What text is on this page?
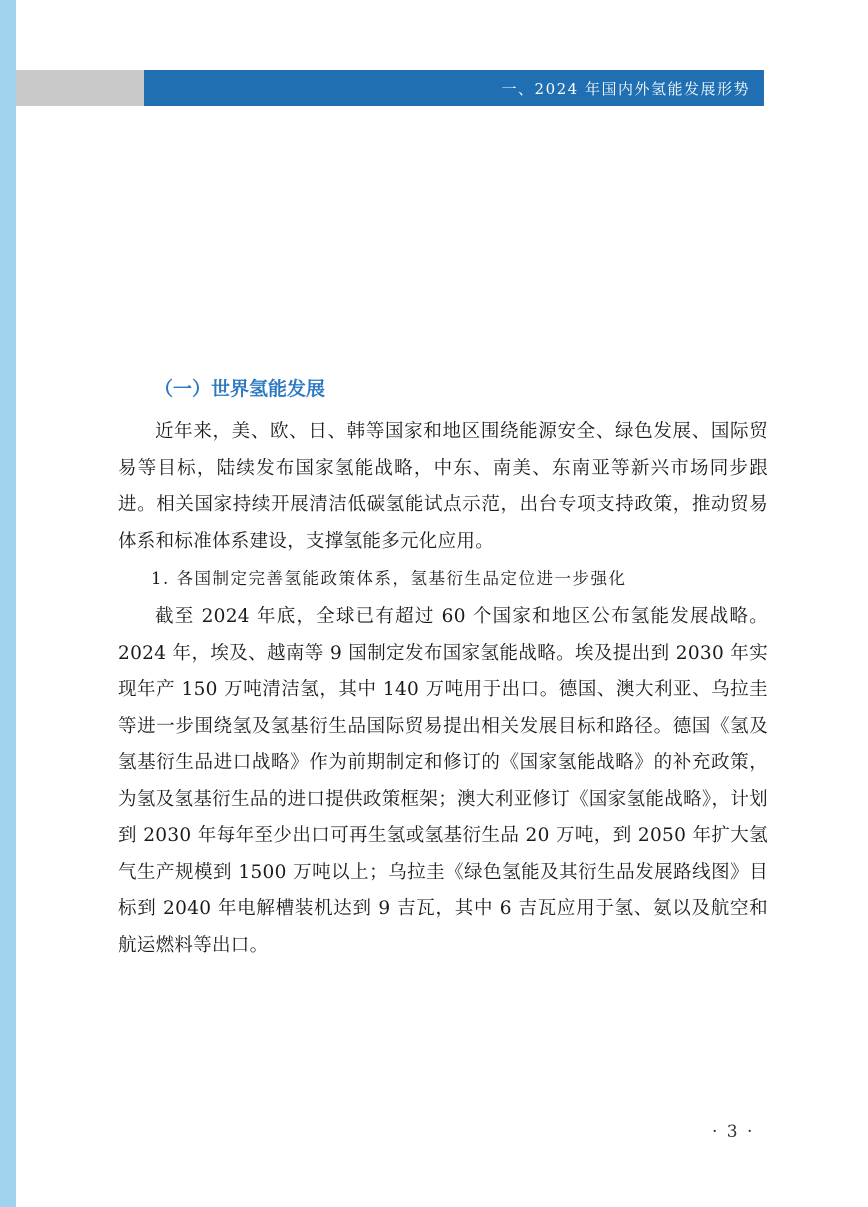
一、2024 年国内外氢能发展形势
（一）世界氢能发展

近年来，美、欧、日、韩等国家和地区围绕能源安全、绿色发展、国际贸易等目标，陆续发布国家氢能战略，中东、南美、东南亚等新兴市场同步跟进。相关国家持续开展清洁低碳氢能试点示范，出台专项支持政策，推动贸易体系和标准体系建设，支撑氢能多元化应用。

1. 各国制定完善氢能政策体系，氢基衍生品定位进一步强化

截至 2024 年底，全球已有超过 60 个国家和地区公布氢能发展战略。2024 年，埃及、越南等 9 国制定发布国家氢能战略。埃及提出到 2030 年实现年产 150 万吨清洁氢，其中 140 万吨用于出口。德国、澳大利亚、乌拉圭等进一步围绕氢及氢基衍生品国际贸易提出相关发展目标和路径。德国《氢及氢基衍生品进口战略》作为前期制定和修订的《国家氢能战略》的补充政策，为氢及氢基衍生品的进口提供政策框架；澳大利亚修订《国家氢能战略》，计划到 2030 年每年至少出口可再生氢或氢基衍生品 20 万吨，到 2050 年扩大氢气生产规模到 1500 万吨以上；乌拉圭《绿色氢能及其衍生品发展路线图》目标到 2040 年电解槽装机达到 9 吉瓦，其中 6 吉瓦应用于氢、氨以及航空和航运燃料等出口。

· 3 ·
